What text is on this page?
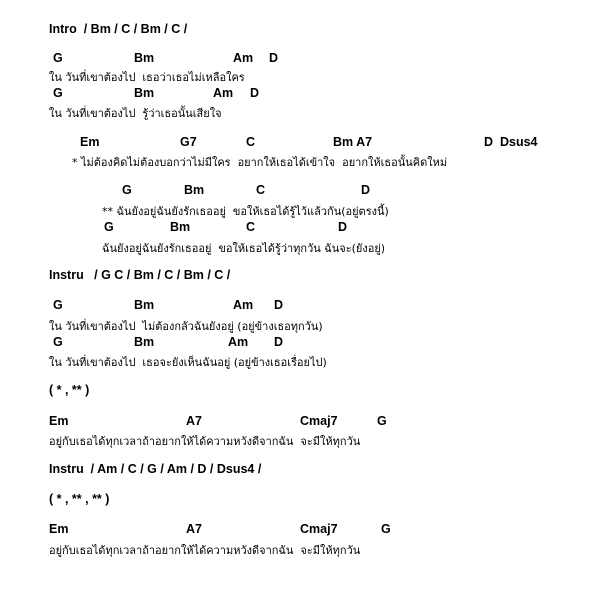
Intro  / Bm / C / Bm / C /

G

	Bm

	Am

D

ใน วันที่เขาต้องไป  เธอว่าเธอไม่เหลือใคร

G

	Bm

	Am

D

ใน วันที่เขาต้องไป  รู้ว่าเธอนั้นเสียใจ

Em

	G7

	C

	Bm A7

	D  Dsus4

* ไม่ต้องคิดไม่ต้องบอกว่าไม่มีใคร  อยากให้เธอได้เข้าใจ  อยากให้เธอนั้นคิดใหม่

G

	Bm

	C

	D

** ฉันยังอยู่ฉันยังรักเธออยู่  ขอให้เธอได้รู้ไว้แล้วกัน(อยู่ตรงนี้)

G

	Bm

	C

	D

ฉันยังอยู่ฉันยังรักเธออยู่  ขอให้เธอได้รู้ว่าทุกวัน ฉันจะ(ยังอยู่)
Instru   / G C / Bm / C / Bm / C /

G

	Bm

	Am

D

ใน วันที่เขาต้องไป  ไม่ต้องกลัวฉันยังอยู่ (อยู่ข้างเธอทุกวัน)

G

	Bm

	Am

D

ใน วันที่เขาต้องไป  เธอจะยังเห็นฉันอยู่ (อยู่ข้างเธอเรื่อยไป)
( * , ** )

Em

	A7

	Cmaj7

	G

อยู่กับเธอได้ทุกเวลาถ้าอยากให้ได้ความหวังดีจากฉัน  จะมีให้ทุกวัน
Instru  / Am / C / G / Am / D / Dsus4 /
( * , ** , ** )

Em

	A7

	Cmaj7

	G

อยู่กับเธอได้ทุกเวลาถ้าอยากให้ได้ความหวังดีจากฉัน  จะมีให้ทุกวัน
